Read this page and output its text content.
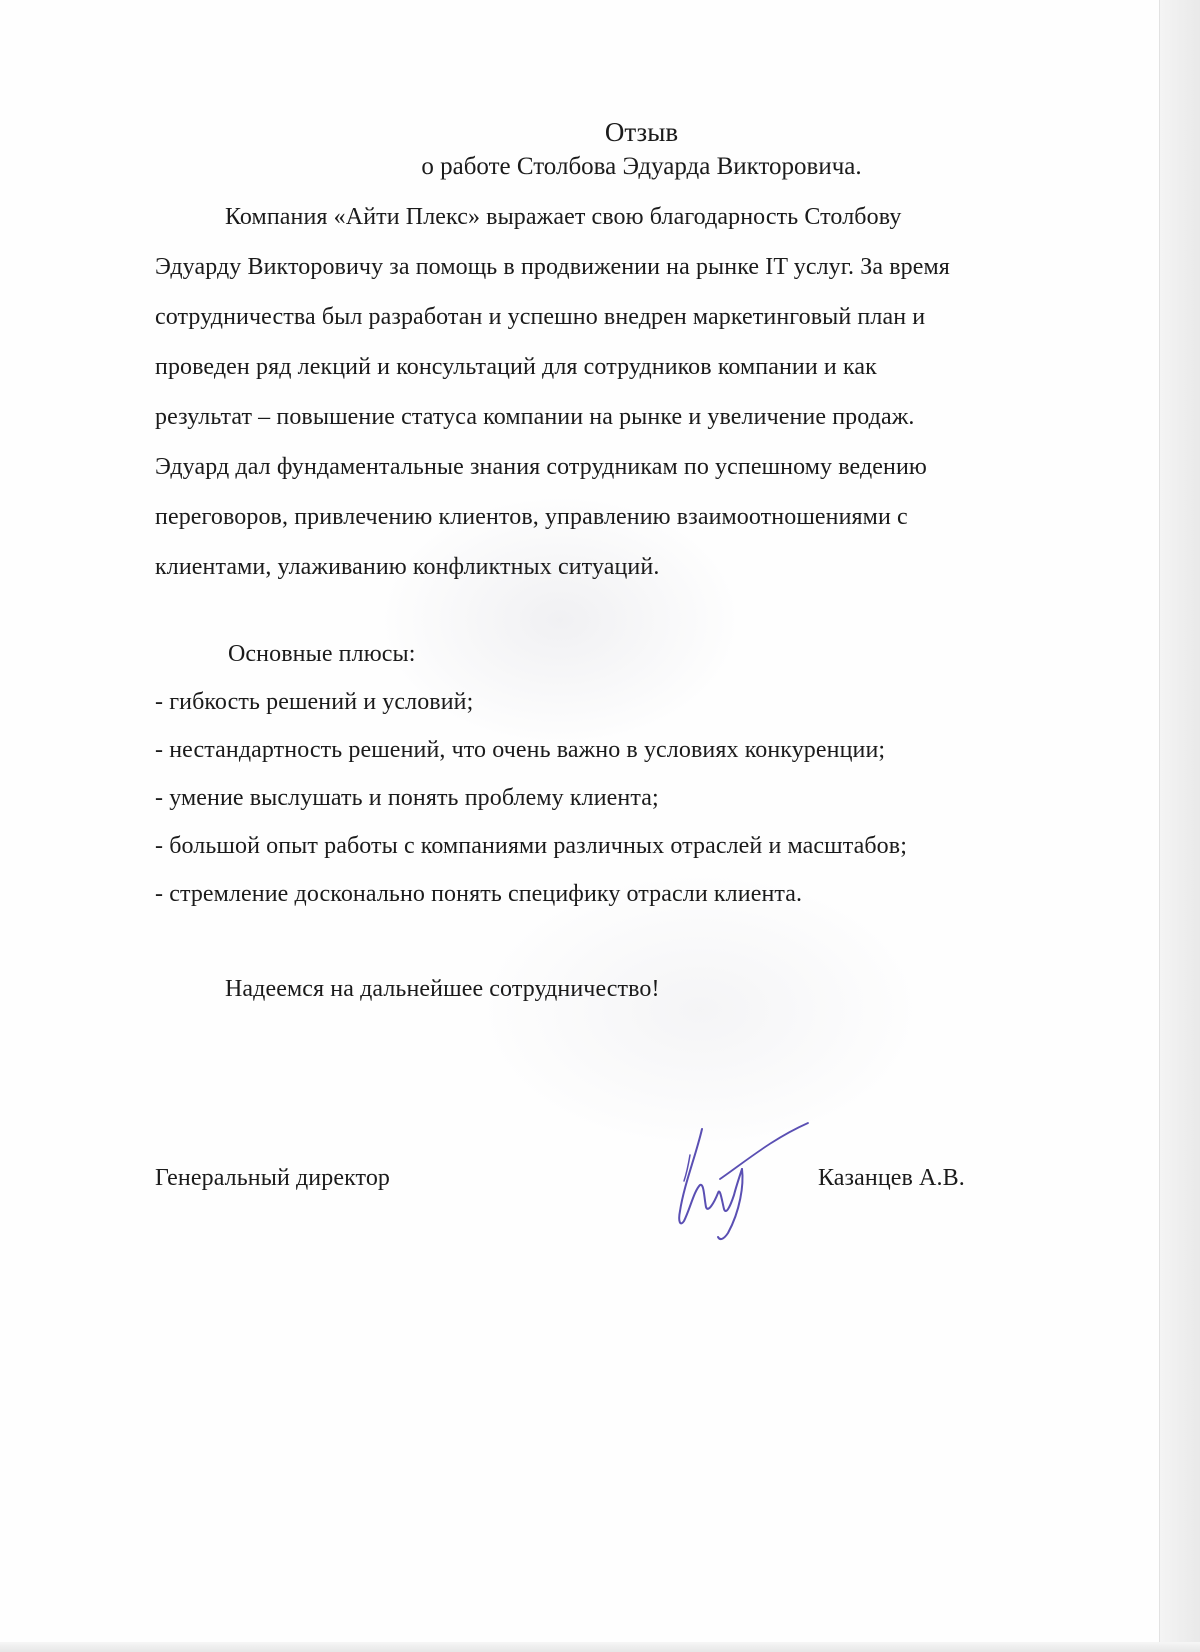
Отзыв
о работе Столбова Эдуарда Викторовича.
Компания «Айти Плекс» выражает свою благодарность Столбову
Эдуарду Викторовичу за помощь в продвижении на рынке IT услуг. За время
сотрудничества был разработан и успешно внедрен маркетинговый план и
проведен ряд лекций и консультаций для сотрудников компании и как
результат – повышение статуса компании на рынке и увеличение продаж.
Эдуард дал фундаментальные знания сотрудникам по успешному ведению
переговоров, привлечению клиентов, управлению взаимоотношениями с
клиентами, улаживанию конфликтных ситуаций.
Основные плюсы:
- гибкость решений и условий;
- нестандартность решений, что очень важно в условиях конкуренции;
- умение выслушать и понять проблему клиента;
- большой опыт работы с компаниями различных отраслей и масштабов;
- стремление досконально понять специфику отрасли клиента.
Надеемся на дальнейшее сотрудничество!
Генеральный директор	Казанцев А.В.
